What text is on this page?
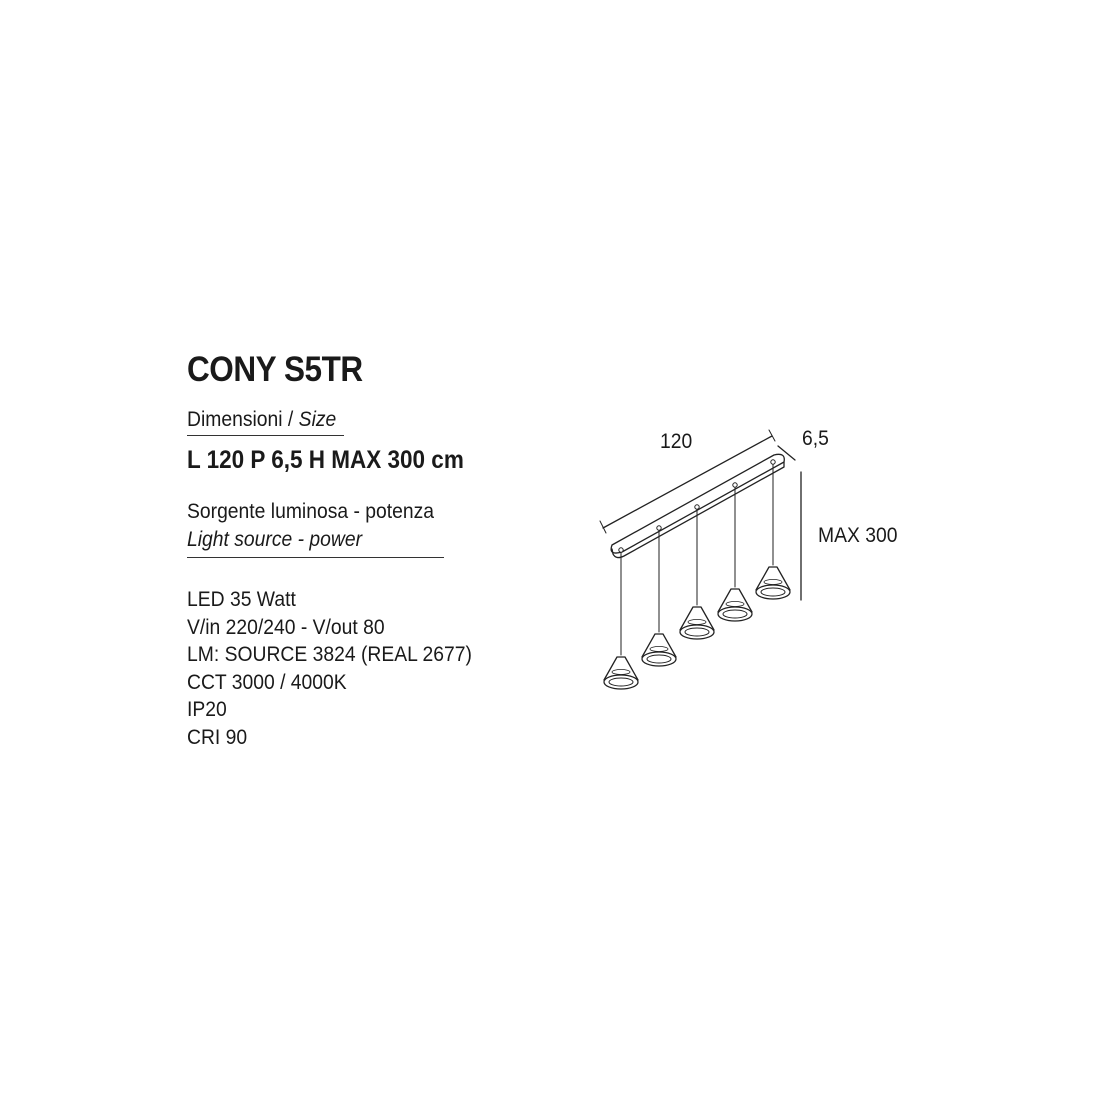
CONY S5TR
Dimensioni / Size
L 120 P 6,5 H MAX 300 cm
Sorgente luminosa - potenza
Light source - power
LED 35 Watt
V/in 220/240 - V/out 80
LM: SOURCE 3824 (REAL 2677)
CCT 3000 / 4000K
IP20
CRI 90
120	6,5
MAX 300
